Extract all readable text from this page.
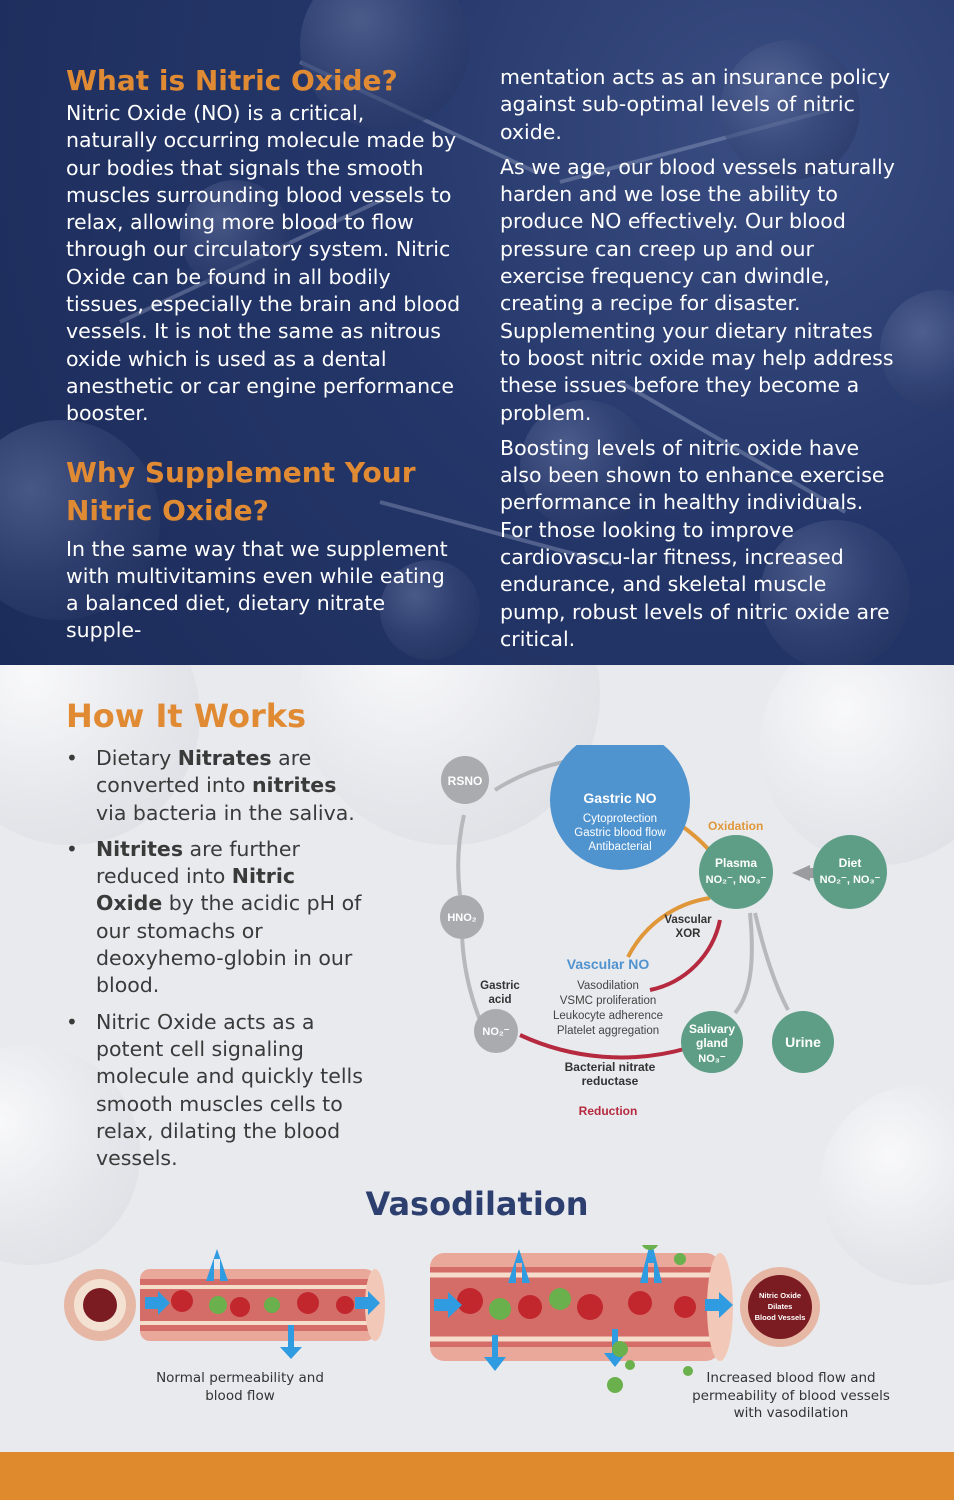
What is Nitric Oxide?

Nitric Oxide (NO) is a critical, naturally occurring molecule made by our bodies that signals the smooth muscles surrounding blood vessels to relax, allowing more blood to flow through our circulatory system. Nitric Oxide can be found in all bodily tissues, especially the brain and blood vessels. It is not the same as nitrous oxide which is used as a dental anesthetic or car engine performance booster.

Why Supplement Your
Nitric Oxide?

In the same way that we supplement with multivitamins even while eating a balanced diet, dietary nitrate supple-

mentation acts as an insurance policy against sub-optimal levels of nitric oxide.

As we age, our blood vessels naturally harden and we lose the ability to produce NO effectively. Our blood pressure can creep up and our exercise frequency can dwindle, creating a recipe for disaster. Supplementing your dietary nitrates to boost nitric oxide may help address these issues before they become a problem.

Boosting levels of nitric oxide have also been shown to enhance exercise performance in healthy individuals. For those looking to improve cardiovascu-lar fitness, increased endurance, and skeletal muscle pump, robust levels of nitric oxide are critical.

How It Works
• Dietary Nitrates are converted into nitrites via bacteria in the saliva.
• Nitrites are further reduced into Nitric Oxide by the acidic pH of our stomachs or deoxyhemo-globin in our blood.
• Nitric Oxide acts as a potent cell signaling molecule and quickly tells smooth muscles cells to relax, dilating the blood vessels.
RSNO
Gastric NO
Cytoprotection
Gastric blood flow
Antibacterial
Oxidation
Plasma
NO₂⁻, NO₃⁻
Diet
NO₂⁻, NO₃⁻
HNO₂	Vascular
XOR
Vascular NO
Vasodilation
VSMC proliferation
Leukocyte adherence
Platelet aggregation
Gastric
acid
NO₂⁻
Bacterial nitrate
reductase
Salivary
gland
NO₃⁻
Urine
Reduction
Vasodilation
Nitric Oxide
Dilates
Blood Vessels
Normal permeability and
blood flow
Increased blood flow and
permeability of blood vessels
with vasodilation
